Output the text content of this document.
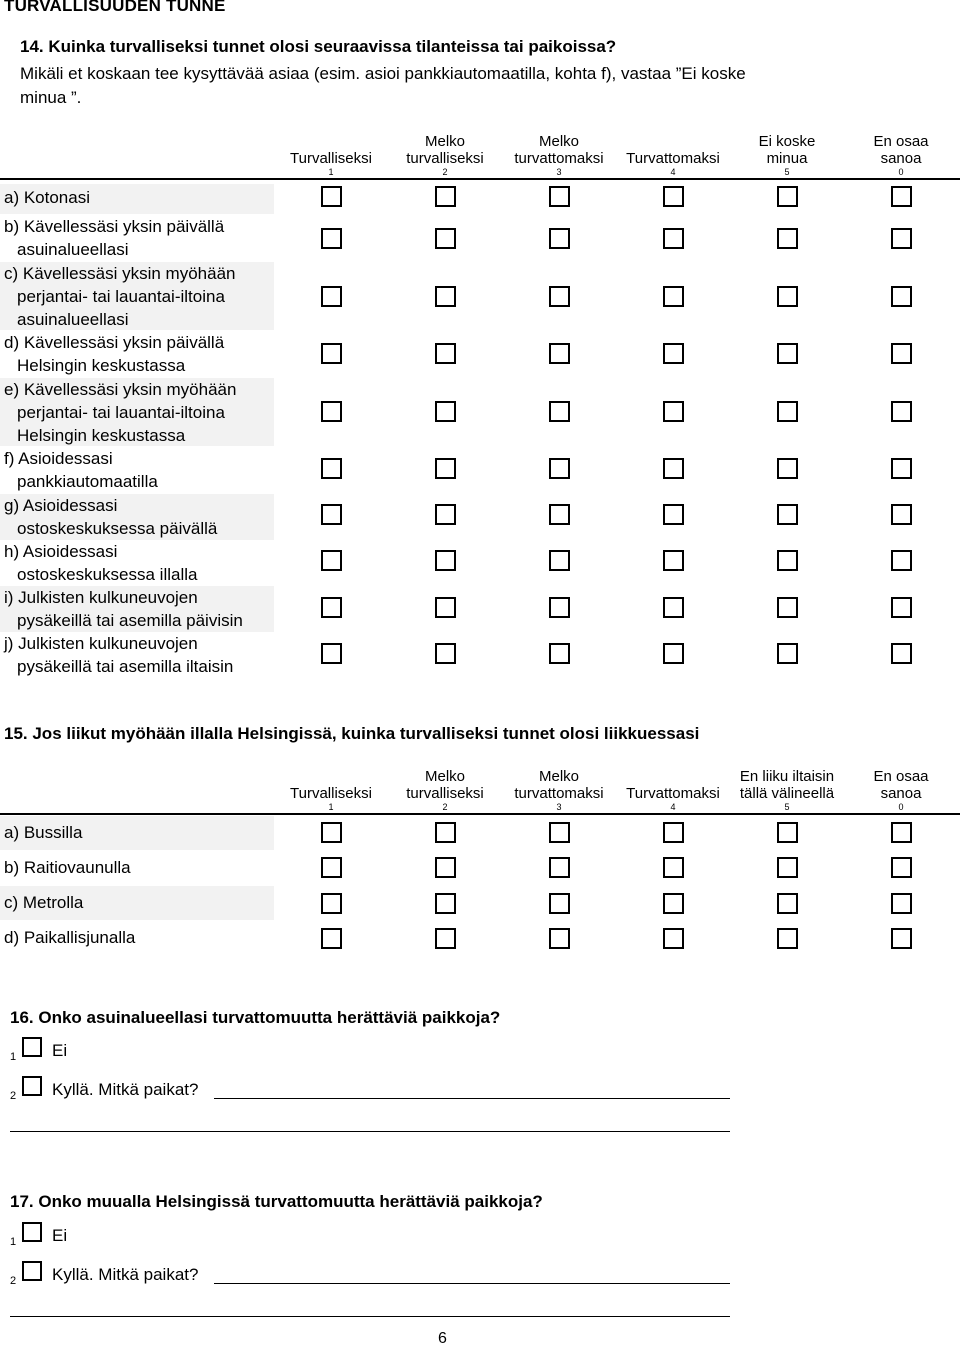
TURVALLISUUDEN TUNNE
14. Kuinka turvalliseksi tunnet olosi seuraavissa tilanteissa tai paikoissa?
Mikäli et koskaan tee kysyttävää asiaa (esim. asioi pankkiautomaatilla, kohta f), vastaa ”Ei koske
minua ”.
Turvalliseksi
1
Melko
turvalliseksi
2
Melko
turvattomaksi
3
Turvattomaksi
4
Ei koske
minua
5
En osaa
sanoa
0
a) Kotonasi
b) Kävellessäsi yksin päivällä
asuinalueellasi
c) Kävellessäsi yksin myöhään
perjantai- tai lauantai-iltoina
asuinalueellasi
d) Kävellessäsi yksin päivällä
Helsingin keskustassa
e) Kävellessäsi yksin myöhään
perjantai- tai lauantai-iltoina
Helsingin keskustassa
f) Asioidessasi
pankkiautomaatilla
g) Asioidessasi
ostoskeskuksessa päivällä
h) Asioidessasi
ostoskeskuksessa illalla
i) Julkisten kulkuneuvojen
pysäkeillä tai asemilla päivisin
j) Julkisten kulkuneuvojen
pysäkeillä tai asemilla iltaisin
15. Jos liikut myöhään illalla Helsingissä, kuinka turvalliseksi tunnet olosi liikkuessasi
Turvalliseksi
1
Melko
turvalliseksi
2
Melko
turvattomaksi
3
Turvattomaksi
4
En liiku iltaisin
tällä välineellä
5
En osaa
sanoa
0
a) Bussilla
b) Raitiovaunulla
c) Metrolla
d) Paikallisjunalla
16. Onko asuinalueellasi turvattomuutta herättäviä paikkoja?
1 Ei
2 Kyllä. Mitkä paikat?
17. Onko muualla Helsingissä turvattomuutta herättäviä paikkoja?
1 Ei
2 Kyllä. Mitkä paikat?
6
